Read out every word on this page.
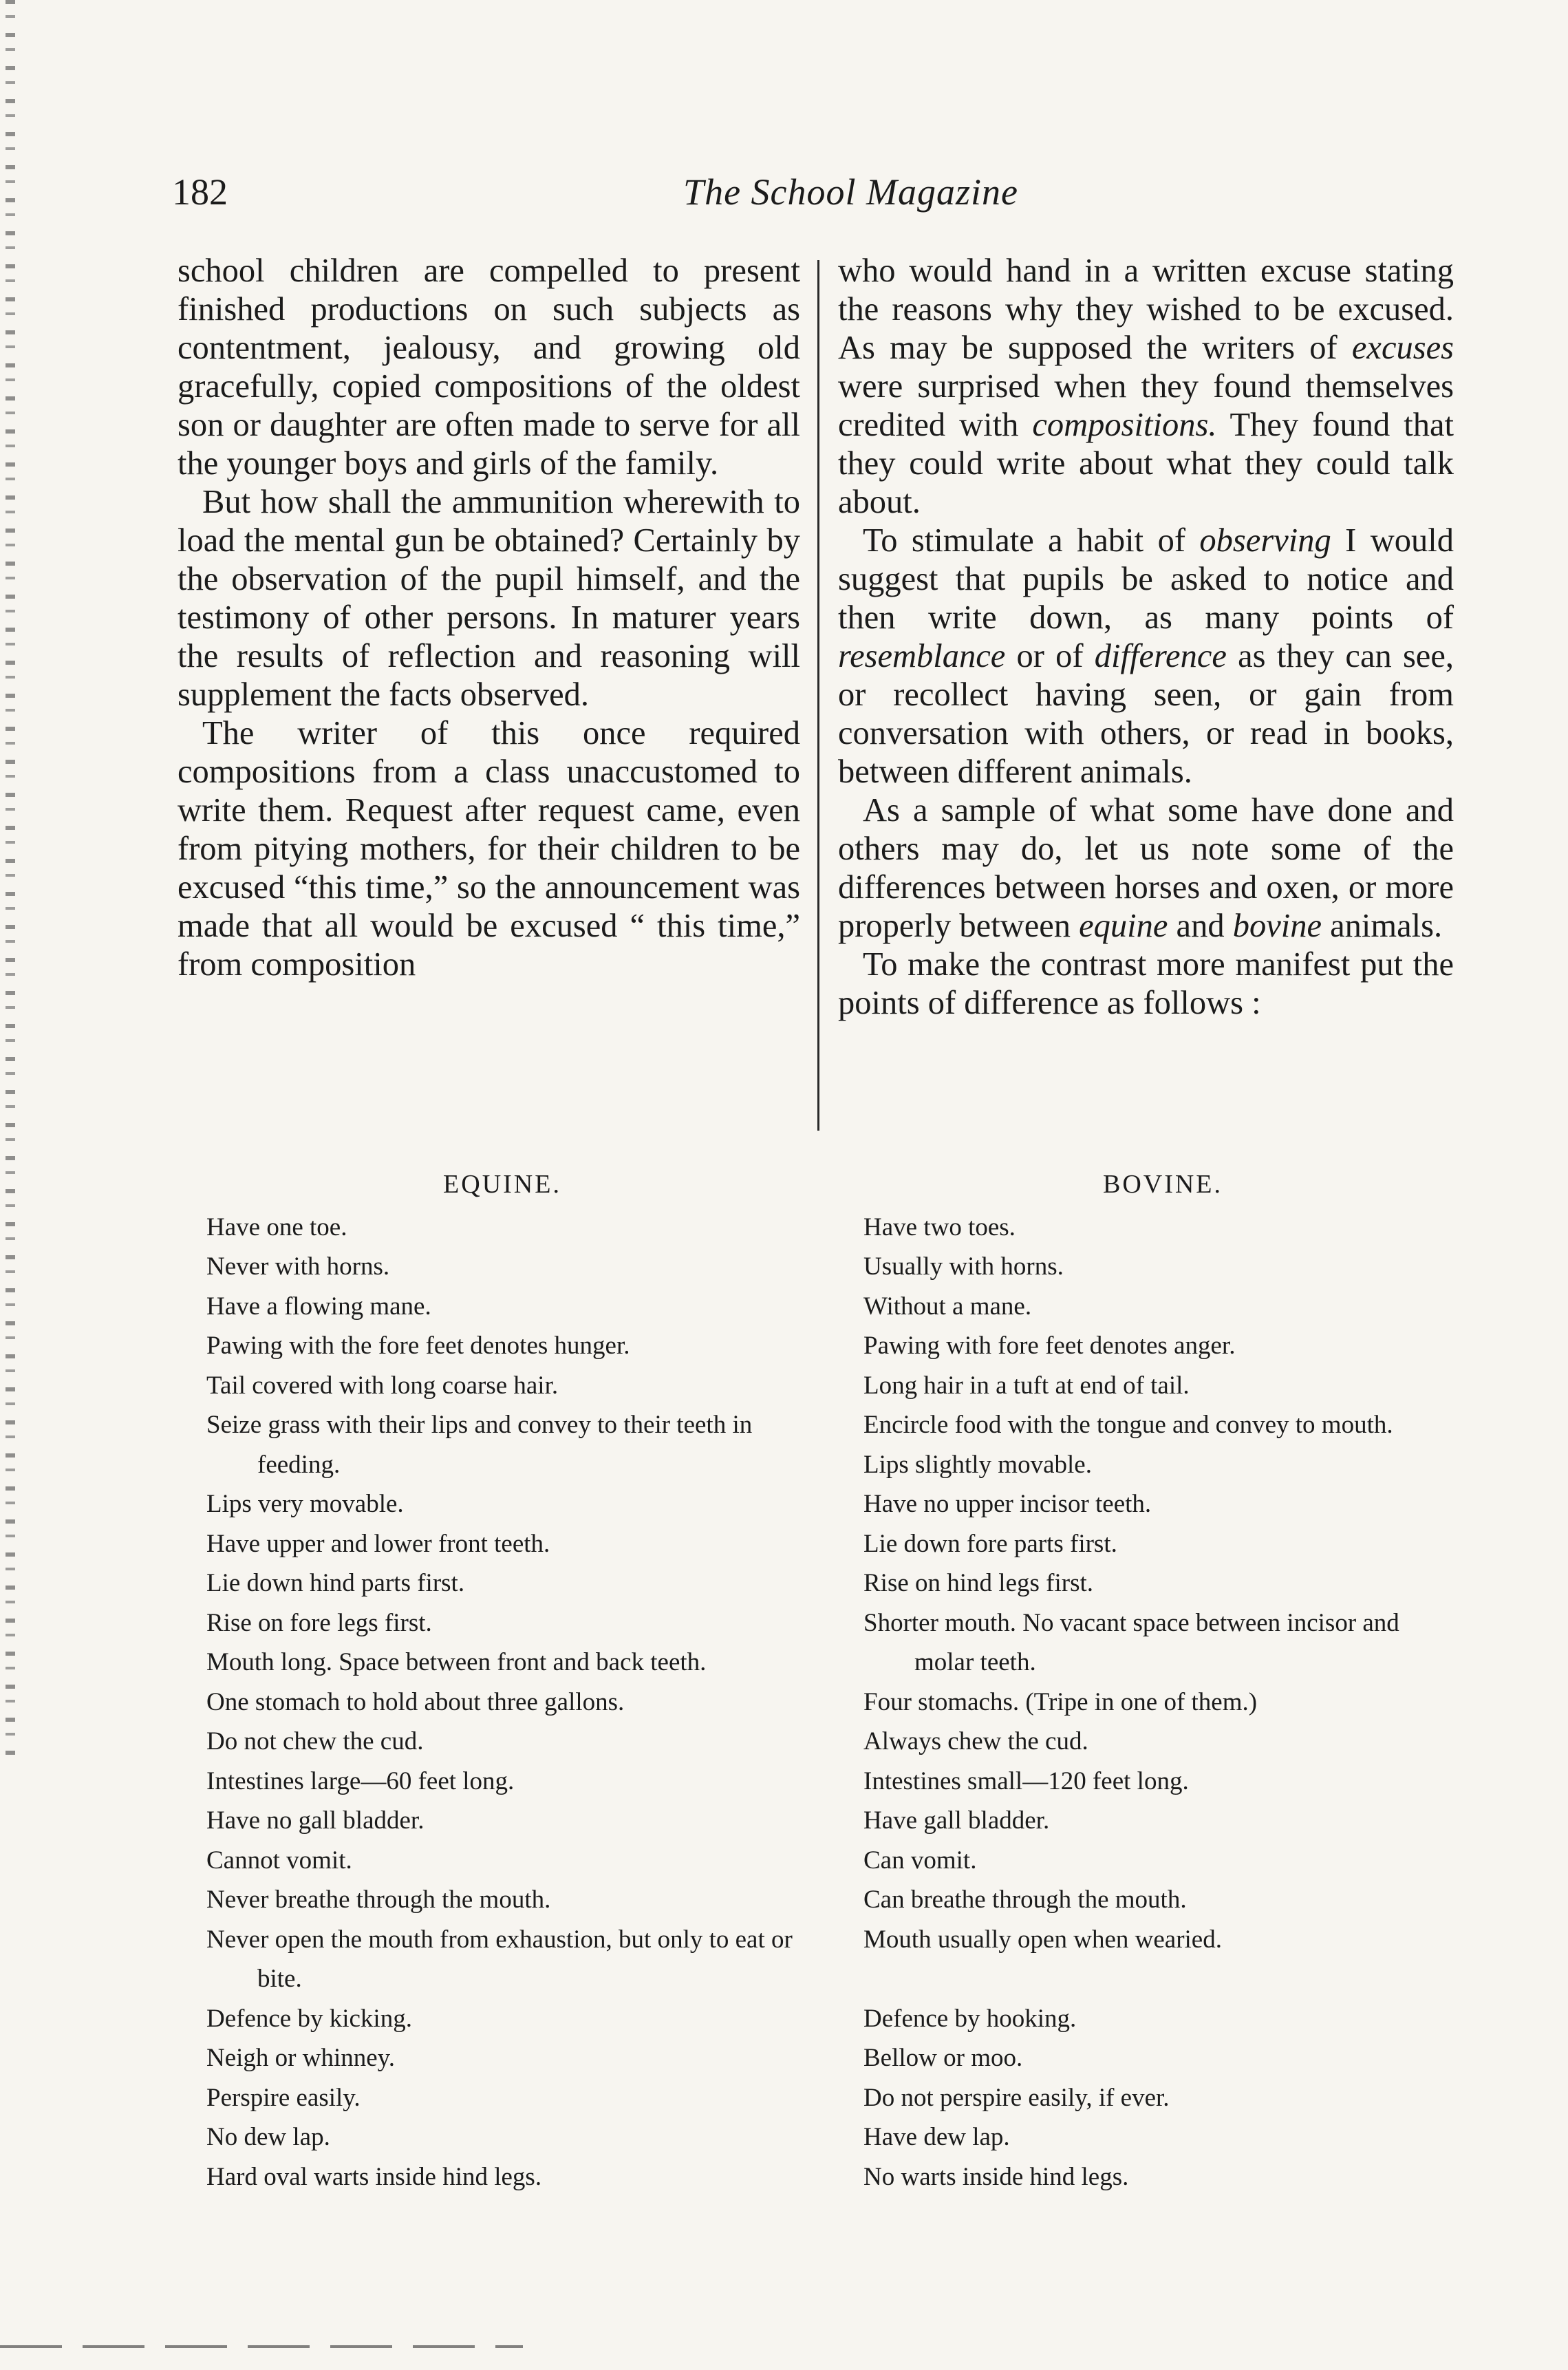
182	The School Magazine

school children are compelled to present finished productions on such subjects as contentment, jealousy, and growing old gracefully, copied compositions of the oldest son or daughter are often made to serve for all the younger boys and girls of the family.

But how shall the ammunition wherewith to load the mental gun be obtained? Certainly by the observation of the pupil himself, and the testimony of other persons. In maturer years the results of reflection and reasoning will supplement the facts observed.

The writer of this once required compositions from a class unaccustomed to write them. Request after request came, even from pitying mothers, for their children to be excused “this time,” so the announcement was made that all would be excused “ this time,” from composition

who would hand in a written excuse stating the reasons why they wished to be excused. As may be supposed the writers of excuses were surprised when they found themselves credited with compositions. They found that they could write about what they could talk about.

To stimulate a habit of observing I would suggest that pupils be asked to notice and then write down, as many points of resemblance or of difference as they can see, or recollect having seen, or gain from conversation with others, or read in books, between different animals.

As a sample of what some have done and others may do, let us note some of the differences between horses and oxen, or more properly between equine and bovine animals.

To make the contrast more manifest put the points of difference as follows :

EQUINE.
Have one toe.
Never with horns.
Have a flowing mane.
Pawing with the fore feet denotes hunger.
Tail covered with long coarse hair.
Seize grass with their lips and convey to their teeth in feeding.
Lips very movable.
Have upper and lower front teeth.
Lie down hind parts first.
Rise on fore legs first.
Mouth long. Space between front and back teeth.
One stomach to hold about three gallons.
Do not chew the cud.
Intestines large—60 feet long.
Have no gall bladder.
Cannot vomit.
Never breathe through the mouth.
Never open the mouth from exhaustion, but only to eat or bite.
Defence by kicking.
Neigh or whinney.
Perspire easily.
No dew lap.
Hard oval warts inside hind legs.
BOVINE.
Have two toes.
Usually with horns.
Without a mane.
Pawing with fore feet denotes anger.
Long hair in a tuft at end of tail.
Encircle food with the tongue and convey to mouth.
Lips slightly movable.
Have no upper incisor teeth.
Lie down fore parts first.
Rise on hind legs first.
Shorter mouth. No vacant space between incisor and molar teeth.
Four stomachs. (Tripe in one of them.)
Always chew the cud.
Intestines small—120 feet long.
Have gall bladder.
Can vomit.
Can breathe through the mouth.
Mouth usually open when wearied.
Defence by hooking.
Bellow or moo.
Do not perspire easily, if ever.
Have dew lap.
No warts inside hind legs.
